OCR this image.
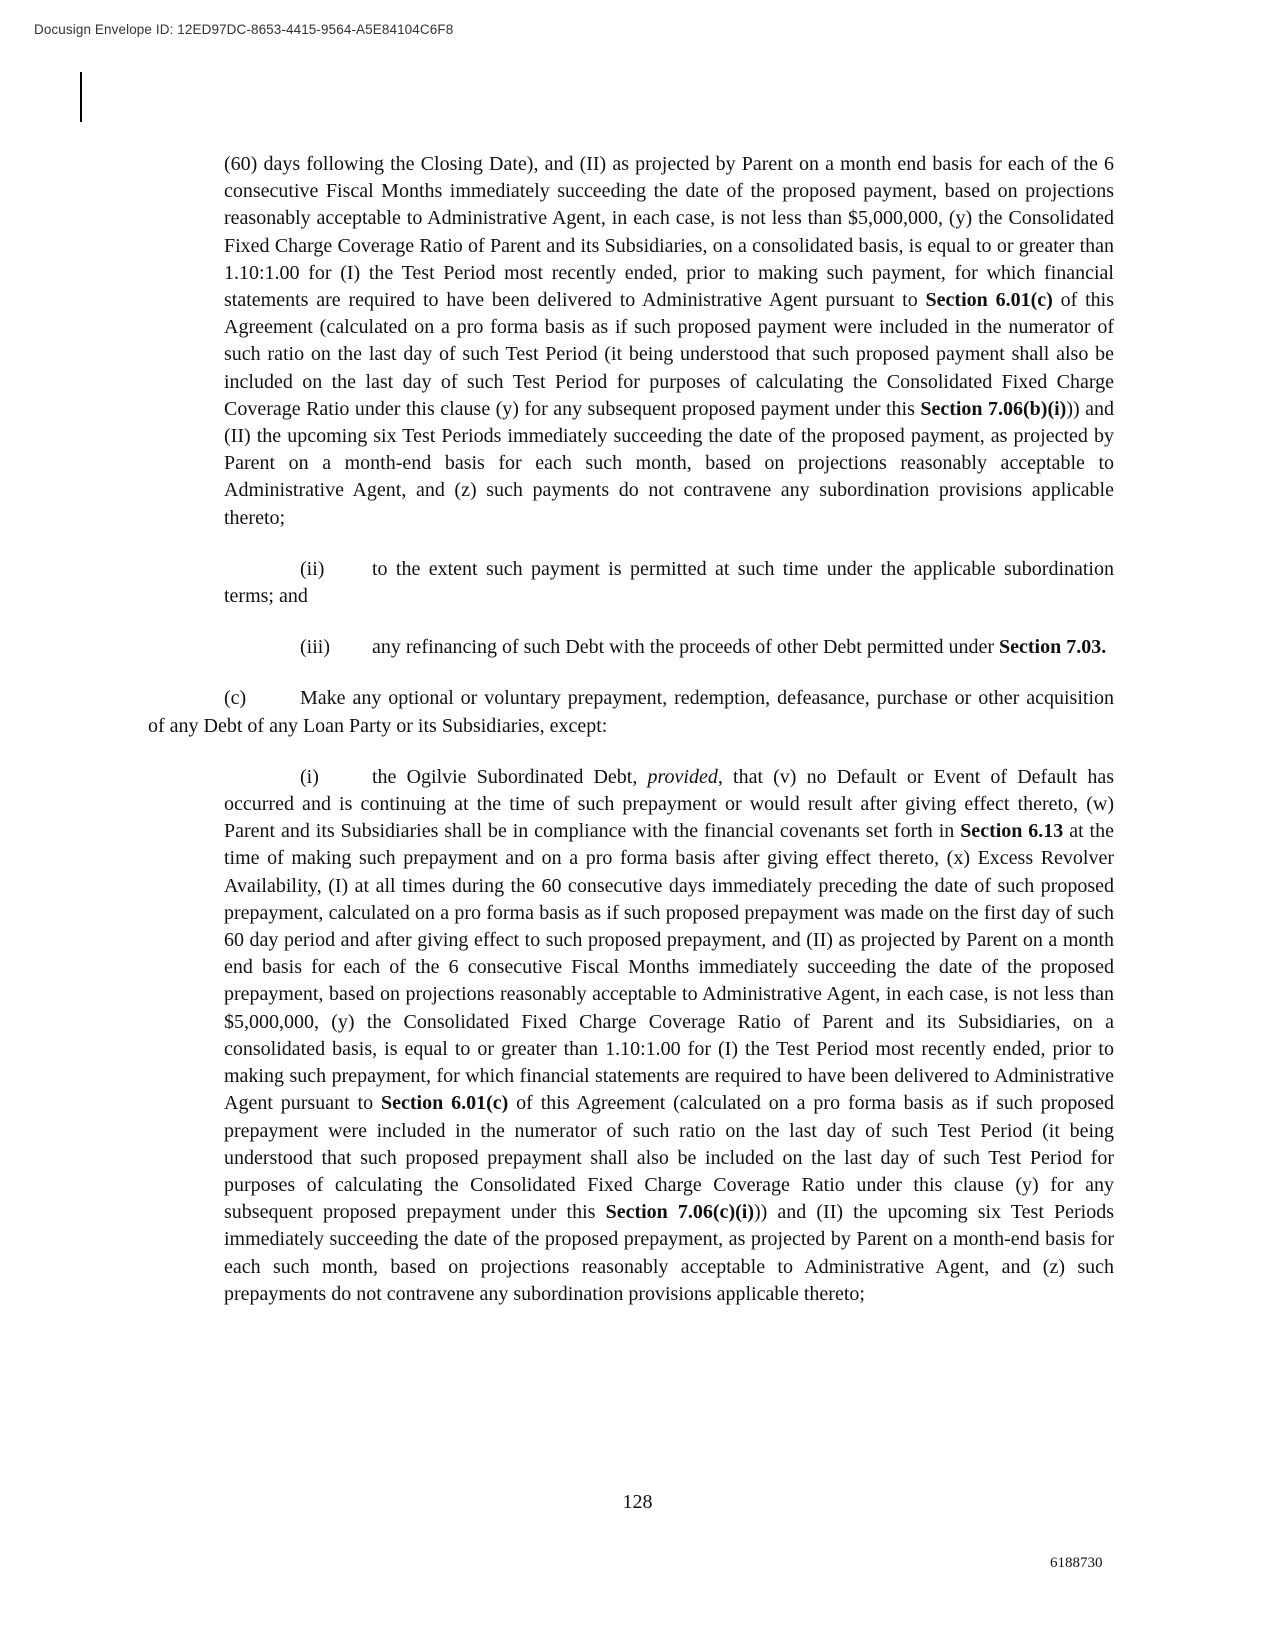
Docusign Envelope ID: 12ED97DC-8653-4415-9564-A5E84104C6F8

(60) days following the Closing Date), and (II) as projected by Parent on a month end basis for each of the 6 consecutive Fiscal Months immediately succeeding the date of the proposed payment, based on projections reasonably acceptable to Administrative Agent, in each case, is not less than $5,000,000, (y) the Consolidated Fixed Charge Coverage Ratio of Parent and its Subsidiaries, on a consolidated basis, is equal to or greater than 1.10:1.00 for (I) the Test Period most recently ended, prior to making such payment, for which financial statements are required to have been delivered to Administrative Agent pursuant to Section 6.01(c) of this Agreement (calculated on a pro forma basis as if such proposed payment were included in the numerator of such ratio on the last day of such Test Period (it being understood that such proposed payment shall also be included on the last day of such Test Period for purposes of calculating the Consolidated Fixed Charge Coverage Ratio under this clause (y) for any subsequent proposed payment under this Section 7.06(b)(i))) and (II) the upcoming six Test Periods immediately succeeding the date of the proposed payment, as projected by Parent on a month-end basis for each such month, based on projections reasonably acceptable to Administrative Agent, and (z) such payments do not contravene any subordination provisions applicable thereto;

(ii) to the extent such payment is permitted at such time under the applicable subordination terms; and

(iii) any refinancing of such Debt with the proceeds of other Debt permitted under Section 7.03.

(c)	Make any optional or voluntary prepayment, redemption, defeasance, purchase or other acquisition of any Debt of any Loan Party or its Subsidiaries, except:

(i)	the Ogilvie Subordinated Debt, provided, that (v) no Default or Event of Default has occurred and is continuing at the time of such prepayment or would result after giving effect thereto, (w) Parent and its Subsidiaries shall be in compliance with the financial covenants set forth in Section 6.13 at the time of making such prepayment and on a pro forma basis after giving effect thereto, (x) Excess Revolver Availability, (I) at all times during the 60 consecutive days immediately preceding the date of such proposed prepayment, calculated on a pro forma basis as if such proposed prepayment was made on the first day of such 60 day period and after giving effect to such proposed prepayment, and (II) as projected by Parent on a month end basis for each of the 6 consecutive Fiscal Months immediately succeeding the date of the proposed prepayment, based on projections reasonably acceptable to Administrative Agent, in each case, is not less than $5,000,000, (y) the Consolidated Fixed Charge Coverage Ratio of Parent and its Subsidiaries, on a consolidated basis, is equal to or greater than 1.10:1.00 for (I) the Test Period most recently ended, prior to making such prepayment, for which financial statements are required to have been delivered to Administrative Agent pursuant to Section 6.01(c) of this Agreement (calculated on a pro forma basis as if such proposed prepayment were included in the numerator of such ratio on the last day of such Test Period (it being understood that such proposed prepayment shall also be included on the last day of such Test Period for purposes of calculating the Consolidated Fixed Charge Coverage Ratio under this clause (y) for any subsequent proposed prepayment under this Section 7.06(c)(i))) and (II) the upcoming six Test Periods immediately succeeding the date of the proposed prepayment, as projected by Parent on a month-end basis for each such month, based on projections reasonably acceptable to Administrative Agent, and (z) such prepayments do not contravene any subordination provisions applicable thereto;

128
6188730
